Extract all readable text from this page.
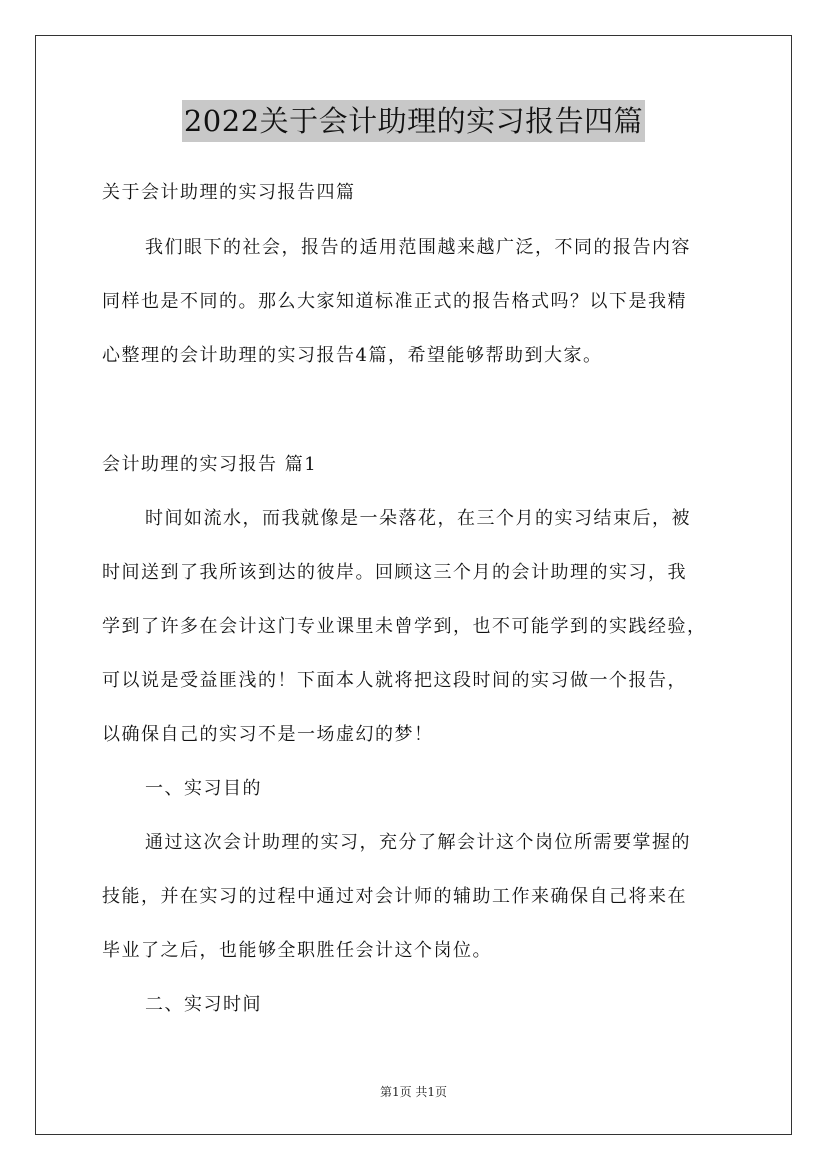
2022关于会计助理的实习报告四篇
关于会计助理的实习报告四篇
我们眼下的社会，报告的适用范围越来越广泛，不同的报告内容
同样也是不同的。那么大家知道标准正式的报告格式吗？以下是我精
心整理的会计助理的实习报告4篇，希望能够帮助到大家。
会计助理的实习报告 篇1
时间如流水，而我就像是一朵落花，在三个月的实习结束后，被
时间送到了我所该到达的彼岸。回顾这三个月的会计助理的实习，我
学到了许多在会计这门专业课里未曾学到，也不可能学到的实践经验，
可以说是受益匪浅的！下面本人就将把这段时间的实习做一个报告，
以确保自己的实习不是一场虚幻的梦！
一、实习目的
通过这次会计助理的实习，充分了解会计这个岗位所需要掌握的
技能，并在实习的过程中通过对会计师的辅助工作来确保自己将来在
毕业了之后，也能够全职胜任会计这个岗位。
二、实习时间
第1页 共1页
